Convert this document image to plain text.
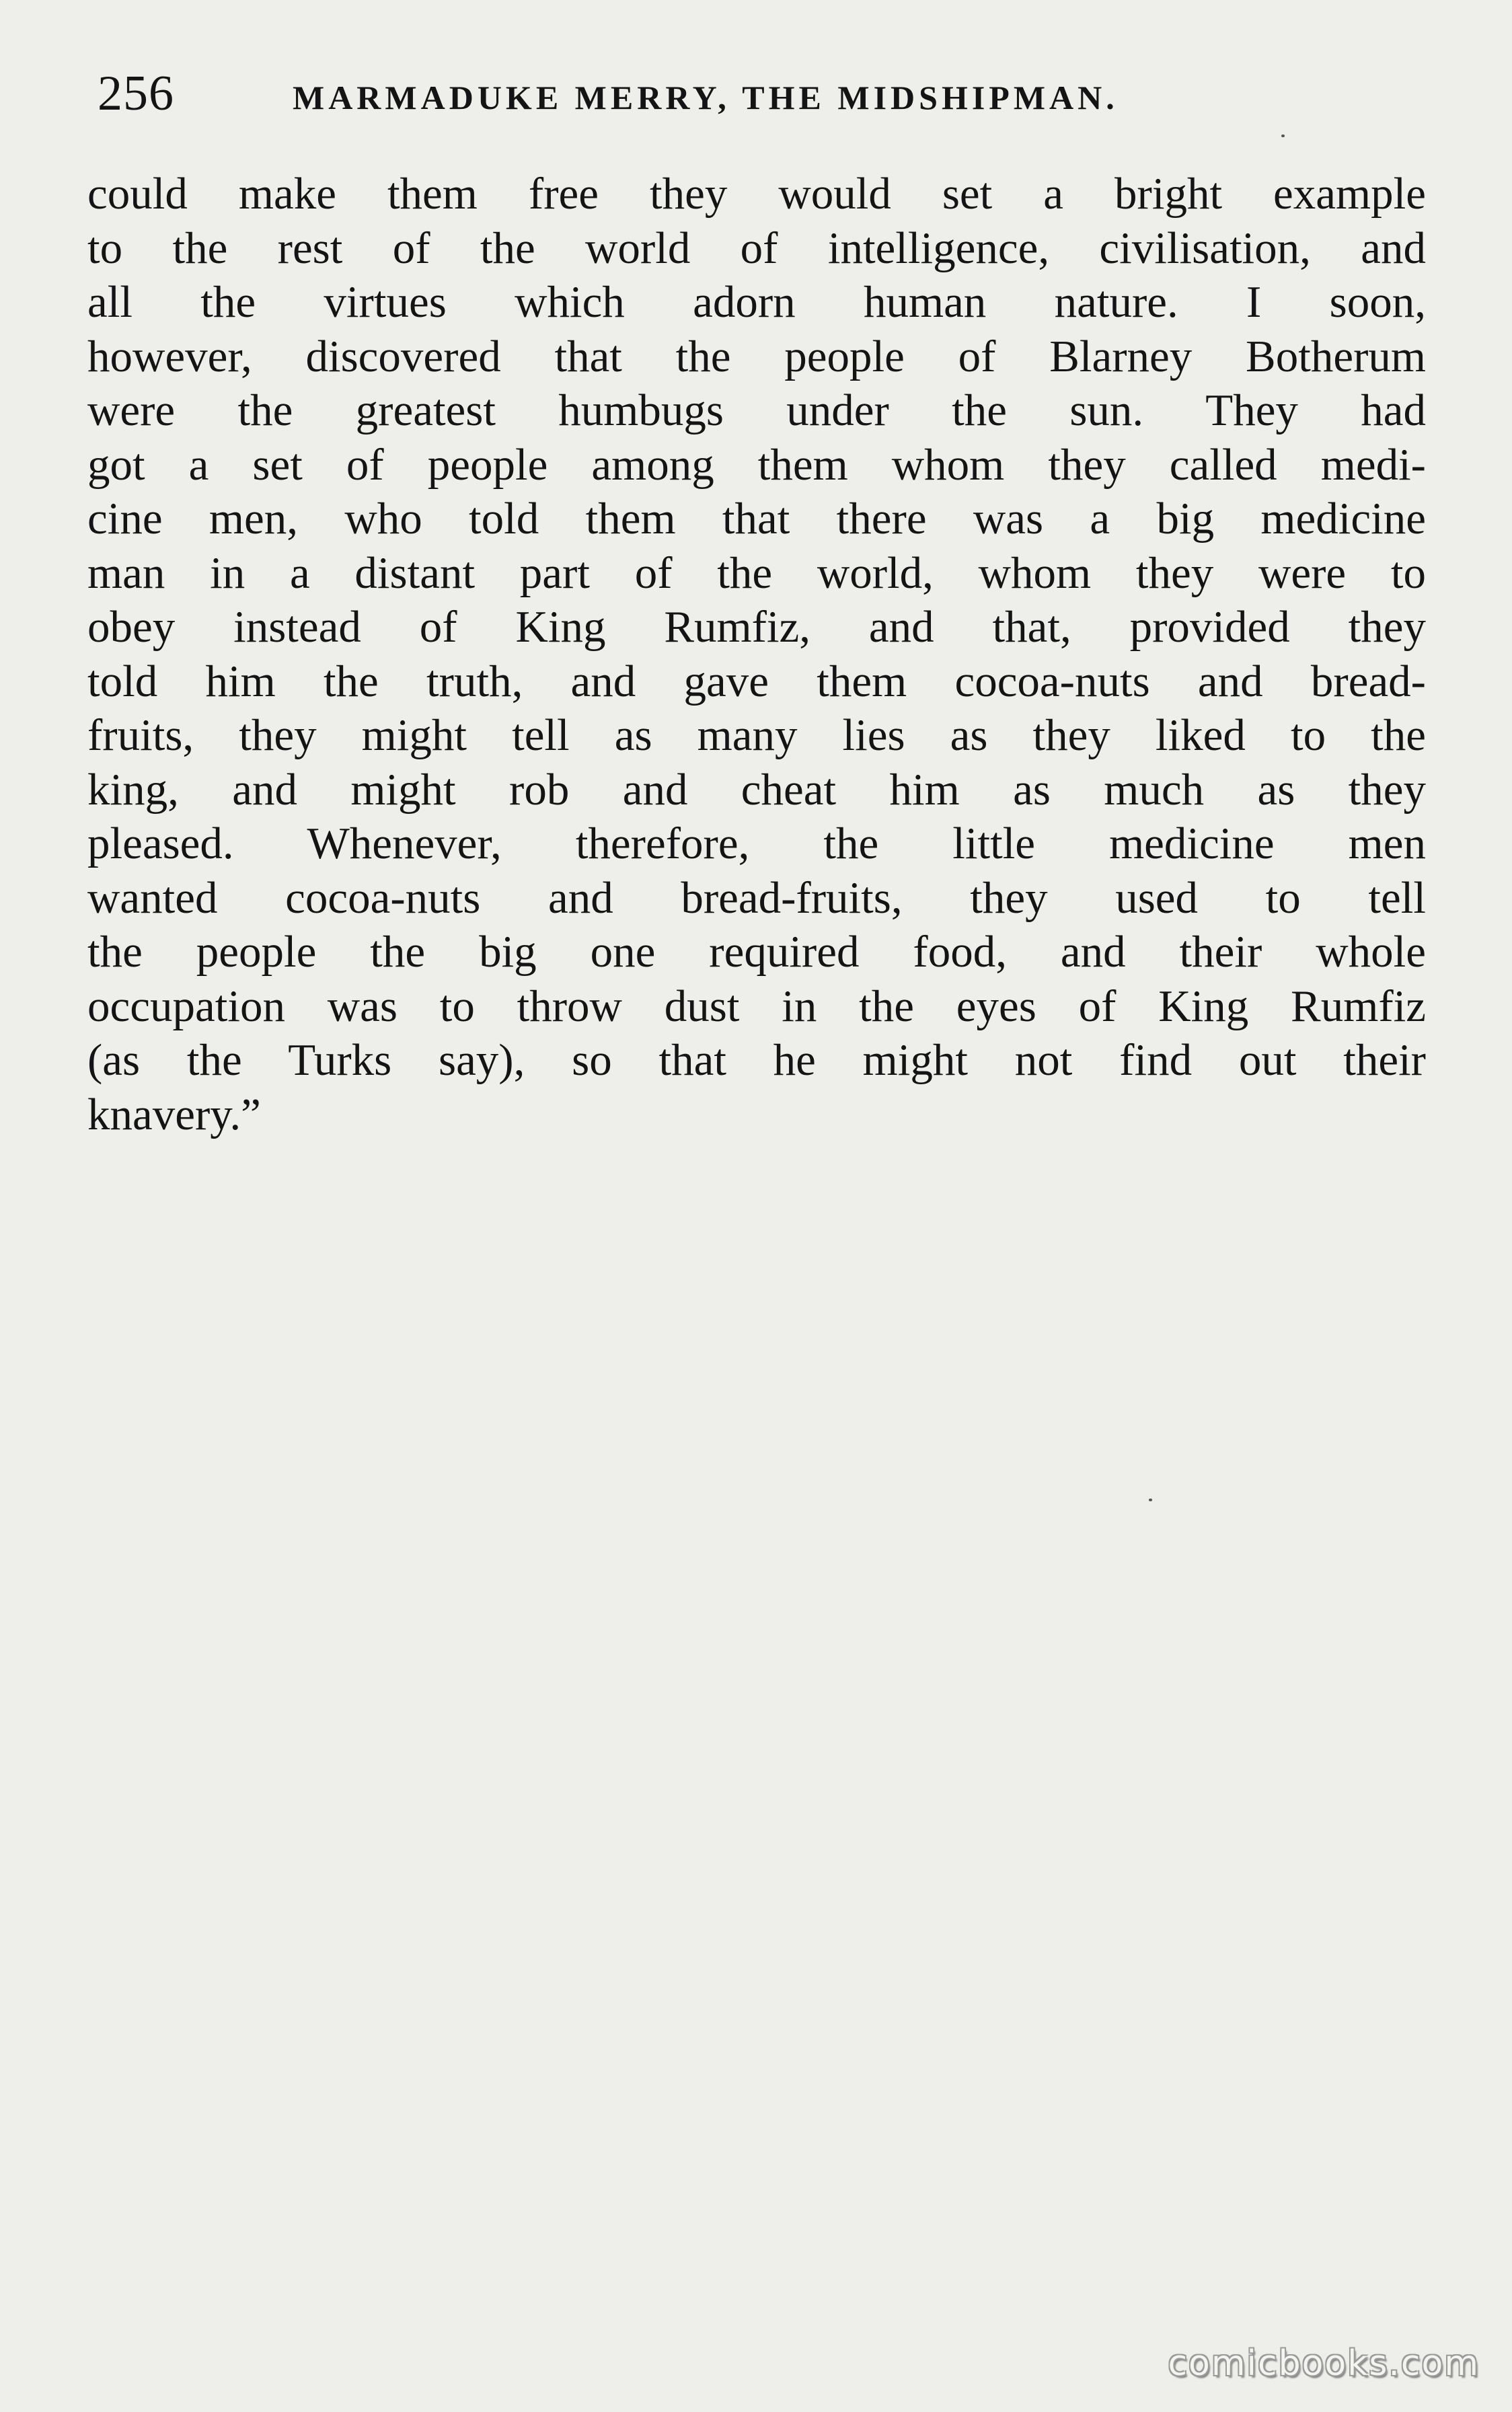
256	MARMADUKE MERRY, THE MIDSHIPMAN.
could make them free they would set a bright example
to the rest of the world of intelligence, civilisation, and
all the virtues which adorn human nature. I soon,
however, discovered that the people of Blarney Botherum
were the greatest humbugs under the sun. They had
got a set of people among them whom they called medi-
cine men, who told them that there was a big medicine
man in a distant part of the world, whom they were to
obey instead of King Rumfiz, and that, provided they
told him the truth, and gave them cocoa-nuts and bread-
fruits, they might tell as many lies as they liked to the
king, and might rob and cheat him as much as they
pleased. Whenever, therefore, the little medicine men
wanted cocoa-nuts and bread-fruits, they used to tell
the people the big one required food, and their whole
occupation was to throw dust in the eyes of King Rumfiz
(as the Turks say), so that he might not find out their
knavery.”
comicbooks.com
